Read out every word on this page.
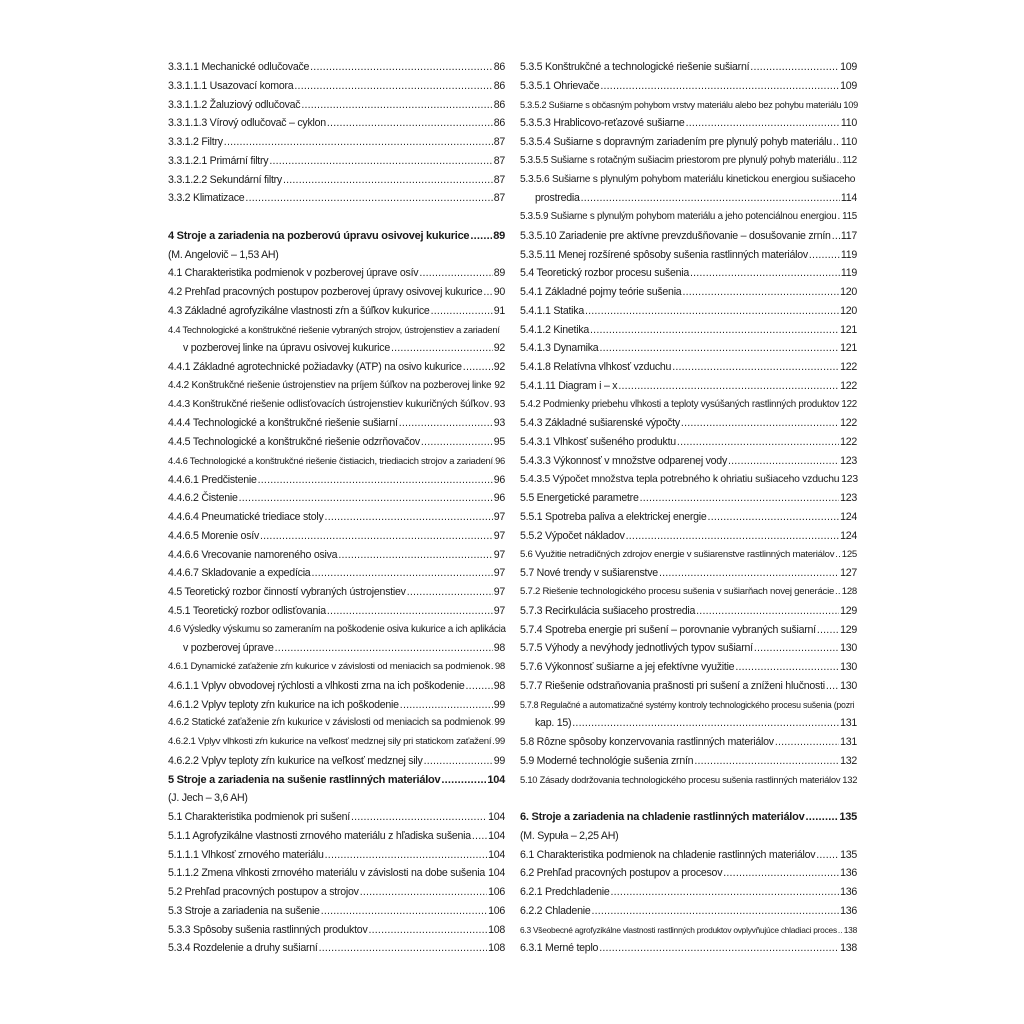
3.3.1.1 Mechanické odlučovače .....	86
3.3.1.1.1 Usazovací komora .....	86
3.3.1.1.2 Žaluziový odlučovač .....	86
3.3.1.1.3 Vírový odlučovač – cyklon .....	86
3.3.1.2 Filtry .....	87
3.3.1.2.1 Primární filtry .....	87
3.3.1.2.2 Sekundární filtry .....	87
3.3.2 Klimatizace .....	87
4 Stroje a zariadenia na pozberovú úpravu osivovej kukurice ..... 89
(M. Angelovič – 1,53 AH)
4.1 Charakteristika podmienok v pozberovej úprave osív .....	89
4.2 Prehľad pracovných postupov pozberovej úpravy osivovej kukurice ..... 90
4.3 Základné agrofyzikálne vlastnosti zŕn a šúľkov kukurice .....	91
4.4 Technologické a konštrukčné riešenie vybraných strojov, ústrojenstiev a zariadení
v pozberovej linke na úpravu osivovej kukurice .....	92
4.4.1 Základné agrotechnické požiadavky (ATP) na osivo kukurice .....	92
4.4.2 Konštrukčné riešenie ústrojenstiev na príjem šúľkov na pozberovej linke ..... 92
4.4.3 Konštrukčné riešenie odlisťovacích ústrojenstiev kukuričných šúľkov ..... 93
4.4.4 Technologické a konštrukčné riešenie sušiarní .....	93
4.4.5 Technologické a konštrukčné riešenie odzrňovačov .....	95
4.4.6 Technologické a konštrukčné riešenie čistiacich, triediacich strojov a zariadení ..... 96
4.4.6.1 Predčistenie .....	96
4.4.6.2 Čistenie .....	96
4.4.6.4 Pneumatické triediace stoly .....	97
4.4.6.5 Morenie osív .....	97
4.4.6.6 Vrecovanie namoreného osiva .....	97
4.4.6.7 Skladovanie a expedícia .....	97
4.5 Teoretický rozbor činností vybraných ústrojenstiev .....	97
4.5.1 Teoretický rozbor odlisťovania .....	97
4.6 Výsledky výskumu so zameraním na poškodenie osiva kukurice a ich aplikácia
v pozberovej úprave .....	98
4.6.1 Dynamické zaťaženie zŕn kukurice v závislosti od meniacich sa podmienok ..... 98
4.6.1.1 Vplyv obvodovej rýchlosti a vlhkosti zrna na ich poškodenie .....	98
4.6.1.2 Vplyv teploty zŕn kukurice na ich poškodenie .....	99
4.6.2 Statické zaťaženie zŕn kukurice v závislosti od meniacich sa podmienok ..... 99
4.6.2.1 Vplyv vlhkosti zŕn kukurice na veľkosť medznej sily pri statickom zaťažení ..... 99
4.6.2.2 Vplyv teploty zŕn kukurice na veľkosť medznej sily .....	99
5 Stroje a zariadenia na sušenie rastlinných materiálov .....	104
(J. Jech – 3,6 AH)
5.1 Charakteristika podmienok pri sušení .....	104
5.1.1 Agrofyzikálne vlastnosti zrnového materiálu z hľadiska sušenia ..... 104
5.1.1.1 Vlhkosť zrnového materiálu .....	104
5.1.1.2 Zmena vlhkosti zrnového materiálu v závislosti na dobe sušenia ..... 104
5.2 Prehľad pracovných postupov a strojov .....	106
5.3 Stroje a zariadenia na sušenie .....	106
5.3.3 Spôsoby sušenia rastlinných produktov .....	108
5.3.4 Rozdelenie a druhy sušiarní .....	108
5.3.5 Konštrukčné a technologické riešenie sušiarní .....	109
5.3.5.1 Ohrievače .....	109
5.3.5.2 Sušiarne s občasným pohybom vrstvy materiálu alebo bez pohybu materiálu 109
5.3.5.3 Hrablicovo-reťazové sušiarne .....	110
5.3.5.4 Sušiarne s dopravným zariadením pre plynulý pohyb materiálu ..... 110
5.3.5.5 Sušiarne s rotačným sušiacim priestorom pre plynulý pohyb materiálu ..... 112
5.3.5.6 Sušiarne s plynulým pohybom materiálu kinetickou energiou sušiaceho
prostredia .....	114
5.3.5.9 Sušiarne s plynulým pohybom materiálu a jeho potenciálnou energiou ..... 115
5.3.5.10 Zariadenie pre aktívne prevzdušňovanie – dosušovanie zrnín ..... 117
5.3.5.11 Menej rozšírené spôsoby sušenia rastlinných materiálov .....	119
5.4 Teoretický rozbor procesu sušenia .....	119
5.4.1 Základné pojmy teórie sušenia .....	120
5.4.1.1 Statika .....	120
5.4.1.2 Kinetika .....	121
5.4.1.3 Dynamika .....	121
5.4.1.8 Relatívna vlhkosť vzduchu .....	122
5.4.1.11 Diagram i – x .....	122
5.4.2 Podmienky priebehu vlhkosti a teploty vysúšaných rastlinných produktov ..... 122
5.4.3 Základné sušiarenské výpočty .....	122
5.4.3.1 Vlhkosť sušeného produktu .....	122
5.4.3.3 Výkonnosť v množstve odparenej vody .....	123
5.4.3.5 Výpočet množstva tepla potrebného k ohriatiu sušiaceho vzduchu 123
5.5 Energetické parametre .....	123
5.5.1 Spotreba paliva a elektrickej energie .....	124
5.5.2 Výpočet nákladov .....	124
5.6 Využitie netradičných zdrojov energie v sušiarenstve rastlinných materiálov ..... 125
5.7 Nové trendy v sušiarenstve .....	127
5.7.2 Riešenie technologického procesu sušenia v sušiarňach novej generácie ..... 128
5.7.3 Recirkulácia sušiaceho prostredia .....	129
5.7.4 Spotreba energie pri sušení – porovnanie vybraných sušiarní ..... 129
5.7.5 Výhody a nevýhody jednotlivých typov sušiarní .....	130
5.7.6 Výkonnosť sušiarne a jej efektívne využitie .....	130
5.7.7 Riešenie odstraňovania prašnosti pri sušení a zníženi hlučnosti ..... 130
5.7.8 Regulačné a automatizačné systémy kontroly technologického procesu sušenia (pozri
kap. 15) .....	131
5.8 Rôzne spôsoby konzervovania rastlinných materiálov .....	131
5.9 Moderné technológie sušenia zrnín .....	132
5.10 Zásady dodržovania technologického procesu sušenia rastlinných materiálov 132
6. Stroje a zariadenia na chladenie rastlinných materiálov .....	135
(M. Sypuła – 2,25 AH)
6.1 Charakteristika podmienok na chladenie rastlinných materiálov ..... 135
6.2 Prehľad pracovných postupov a procesov .....	136
6.2.1 Predchladenie .....	136
6.2.2 Chladenie .....	136
6.3 Všeobecné agrofyzikálne vlastnosti rastlinných produktov ovplyvňujúce chladiaci proces ..... 138
6.3.1 Merné teplo .....	138
